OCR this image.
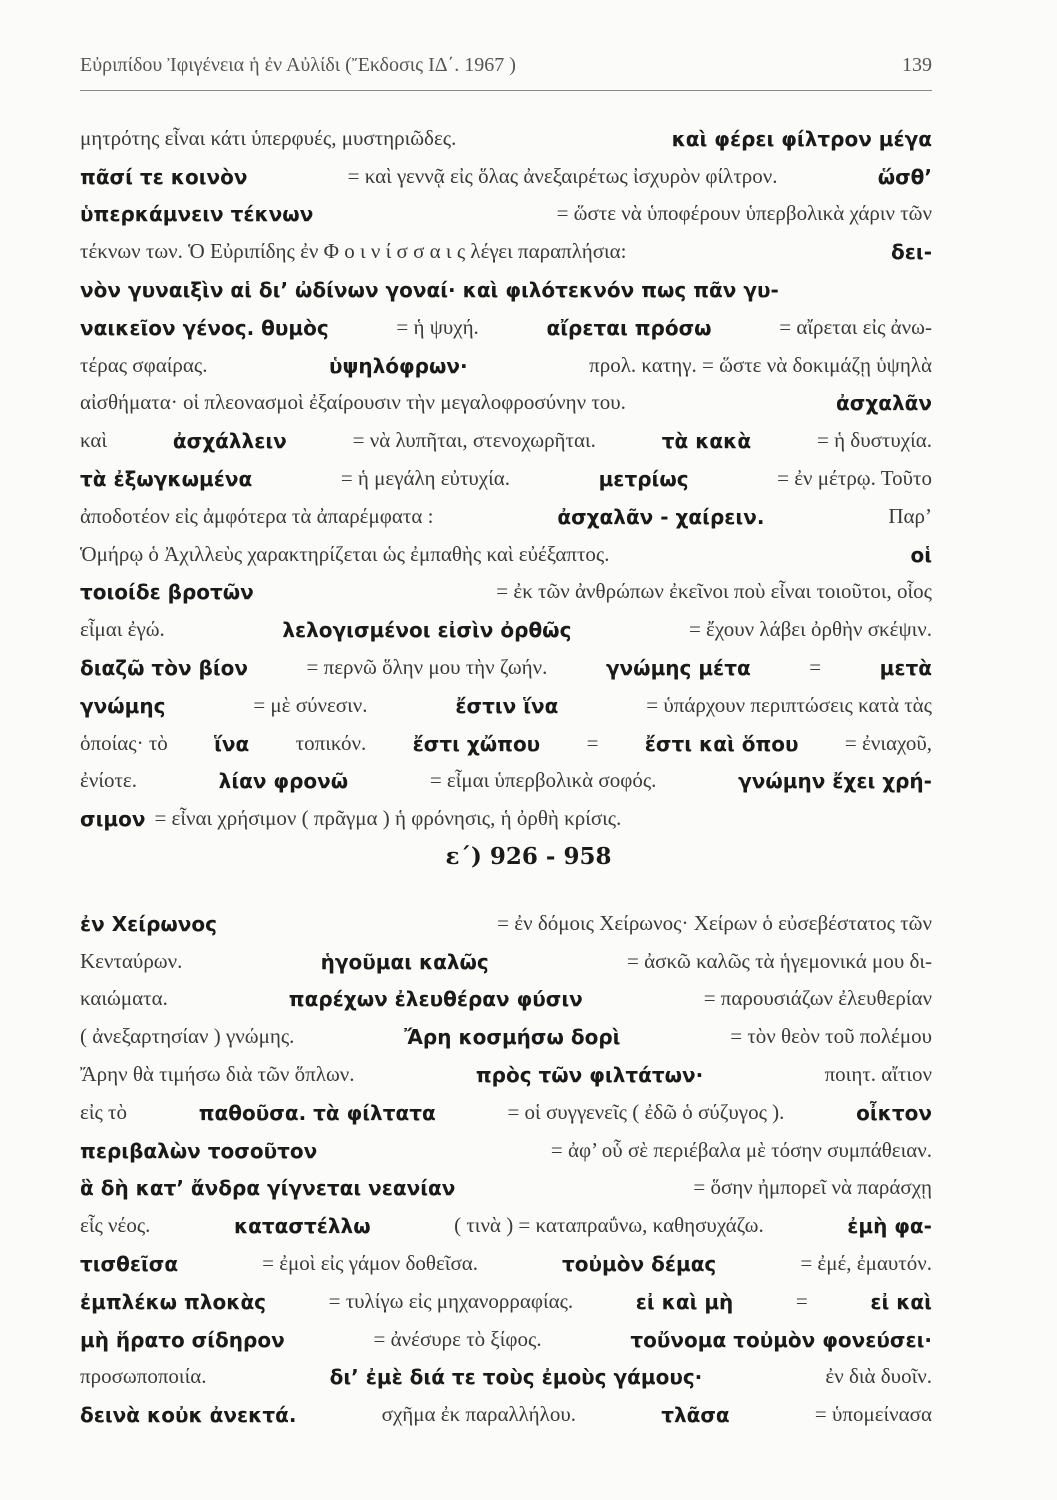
Εὐριπίδου Ἰφιγένεια ἡ ἐν Αὐλίδι (Ἔκδοσις ΙΔ΄. 1967 )	139
μητρότης εἶναι κάτι ὑπερφυές, μυστηριῶδες.	καὶ φέρει φίλτρον μέγα
πᾶσί τε κοινὸν	= καὶ γεννᾷ εἰς ὅλας ἀνεξαιρέτως ἰσχυρὸν φίλτρον.	ὥσθ’
ὑπερκάμνειν τέκνων	= ὥστε νὰ ὑποφέρουν ὑπερβολικὰ χάριν τῶν
τέκνων των. Ὁ Εὐριπίδης ἐν Φ ο ι ν ί σ σ α ι ς λέγει παραπλήσια:	δει-
νὸν γυναιξὶν αἱ δι’ ὠδίνων γοναί· καὶ φιλότεκνόν πως πᾶν γυ-
ναικεῖον γένος. θυμὸς	= ἡ ψυχή.	αἴρεται πρόσω	= αἴρεται εἰς ἀνω-
τέρας σφαίρας.	ὑψηλόφρων·	προλ. κατηγ. = ὥστε νὰ δοκιμάζῃ ὑψηλὰ
αἰσθήματα· οἱ πλεονασμοὶ ἐξαίρουσιν τὴν μεγαλοφροσύνην του.	ἀσχαλᾶν
καὶ	ἀσχάλλειν	= νὰ λυπῆται, στενοχωρῆται.	τὰ κακὰ	= ἡ δυστυχία.
τὰ ἐξωγκωμένα	= ἡ μεγάλη εὐτυχία.	μετρίως	= ἐν μέτρῳ. Τοῦτο
ἀποδοτέον εἰς ἀμφότερα τὰ ἀπαρέμφατα :	ἀσχαλᾶν - χαίρειν.	Παρ’
Ὁμήρῳ ὁ Ἀχιλλεὺς χαρακτηρίζεται ὡς ἐμπαθὴς καὶ εὐέξαπτος.	οἱ
τοιοίδε βροτῶν	= ἐκ τῶν ἀνθρώπων ἐκεῖνοι ποὺ εἶναι τοιοῦτοι, οἷος
εἶμαι ἐγώ.	λελογισμένοι εἰσὶν ὀρθῶς	= ἔχουν λάβει ὀρθὴν σκέψιν.
διαζῶ τὸν βίον	= περνῶ ὅλην μου τὴν ζωήν.	γνώμης μέτα	=	μετὰ
γνώμης	= μὲ σύνεσιν.	ἔστιν ἵνα	= ὑπάρχουν περιπτώσεις κατὰ τὰς
ὁποίας· τὸ ἵνα τοπικόν. ἔστι χὤπου = ἔστι καὶ ὅπου = ἐνιαχοῦ,
ἐνίοτε.	λίαν φρονῶ	= εἶμαι ὑπερβολικὰ σοφός.	γνώμην ἔχει χρή-
σιμον = εἶναι χρήσιμον ( πρᾶγμα ) ἡ φρόνησις, ἡ ὀρθὴ κρίσις.
ε΄) 926 - 958
ἐν Χείρωνος	= ἐν δόμοις Χείρωνος· Χείρων ὁ εὐσεβέστατος τῶν
Κενταύρων.	ἡγοῦμαι καλῶς	= ἀσκῶ καλῶς τὰ ἡγεμονικά μου δι-
καιώματα.	παρέχων ἐλευθέραν φύσιν	= παρουσιάζων ἐλευθερίαν
( ἀνεξαρτησίαν ) γνώμης.	Ἄρη κοσμήσω δορὶ	= τὸν θεὸν τοῦ πολέμου
Ἄρην θὰ τιμήσω διὰ τῶν ὅπλων.	πρὸς τῶν φιλτάτων·	ποιητ. αἴτιον
εἰς τὸ	παθοῦσα. τὰ φίλτατα	= οἱ συγγενεῖς ( ἐδῶ ὁ σύζυγος ).	οἶκτον
περιβαλὼν τοσοῦτον	= ἀφ’ οὗ σὲ περιέβαλα μὲ τόσην συμπάθειαν.
ἃ δὴ κατ’ ἄνδρα γίγνεται νεανίαν	= ὅσην ἠμπορεῖ νὰ παράσχῃ
εἷς νέος.	καταστέλλω	( τινὰ ) = καταπραΰνω, καθησυχάζω.	ἐμὴ φα-
τισθεῖσα	= ἐμοὶ εἰς γάμον δοθεῖσα.	τοὐμὸν δέμας	= ἐμέ, ἐμαυτόν.
ἐμπλέκω πλοκὰς	= τυλίγω εἰς μηχανορραφίας.	εἰ καὶ μὴ	=	εἰ καὶ
μὴ ἥρατο σίδηρον	= ἀνέσυρε τὸ ξίφος.	τοὔνομα τοὐμὸν φονεύσει·
προσωποποιία.	δι’ ἐμὲ διά τε τοὺς ἐμοὺς γάμους·	ἐν διὰ δυοῖν.
δεινὰ κοὐκ ἀνεκτά.	σχῆμα ἐκ παραλλήλου.	τλᾶσα	= ὑπομείνασα
